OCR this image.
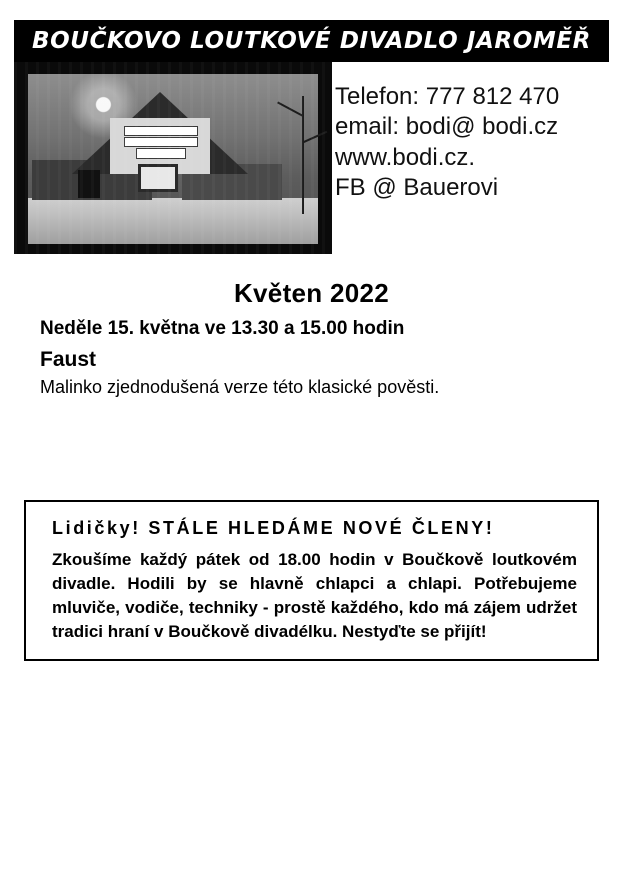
BOUČKOVO LOUTKOVÉ DIVADLO JAROMĚŘ
Telefon: 777 812 470
email: bodi@ bodi.cz
www.bodi.cz.
FB @ Bauerovi
Květen 2022

Neděle 15. května ve 13.30 a 15.00 hodin

Faust

Malinko zjednodušená verze této klasické pověsti.

Lidičky! STÁLE HLEDÁME NOVÉ ČLENY!

Zkoušíme každý pátek od 18.00 hodin v Boučkově loutkovém divadle. Hodili by se hlavně chlapci a chlapi. Potřebujeme mluviče, vodiče, techniky - prostě každého, kdo má zájem udržet tradici hraní v Boučkově divadélku. Nestyďte se přijít!
